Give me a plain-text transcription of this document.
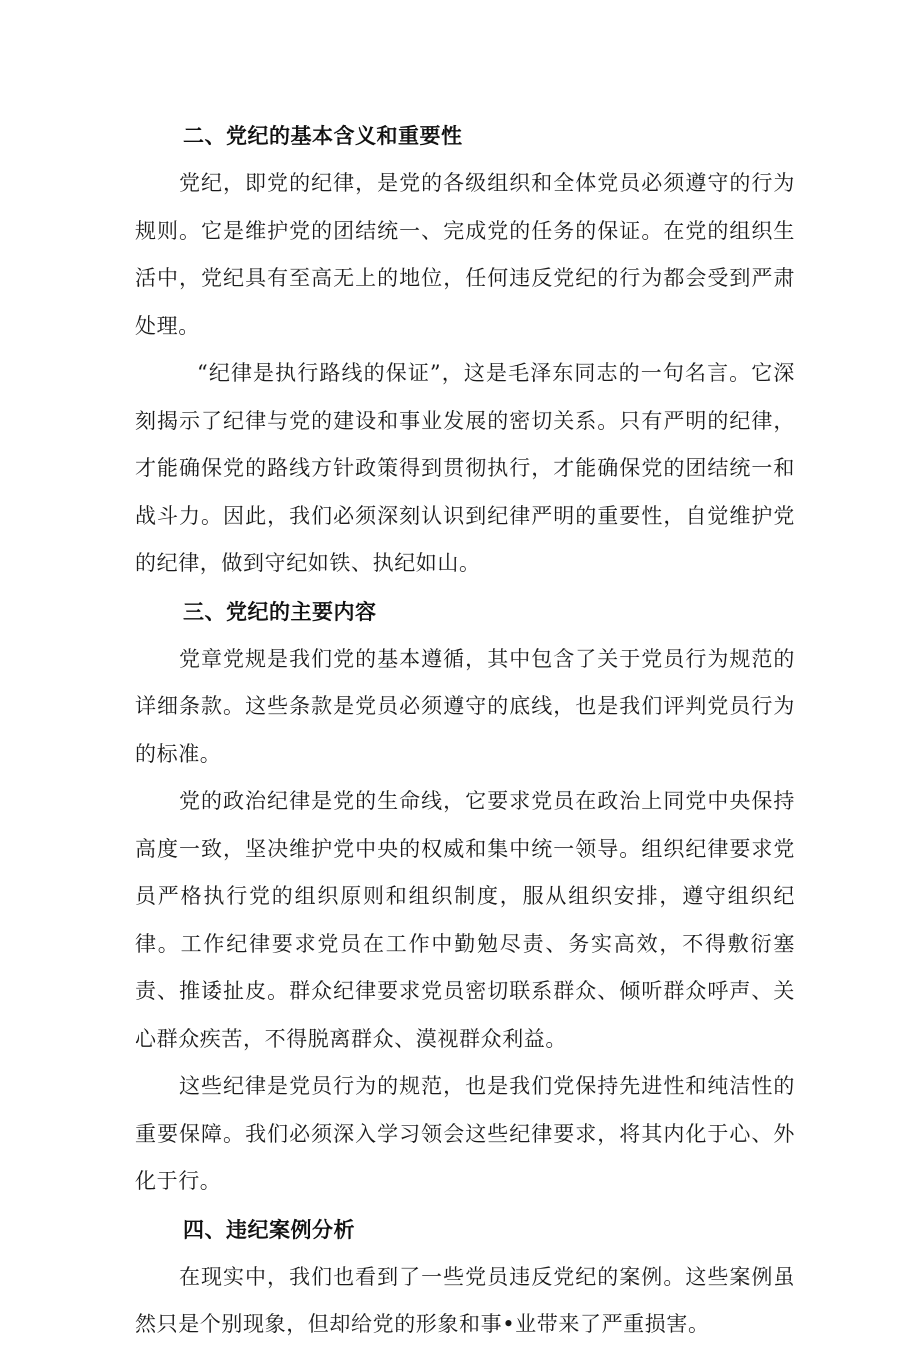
二、党纪的基本含义和重要性

党纪，即党的纪律，是党的各级组织和全体党员必须遵守的行为规则。它是维护党的团结统一、完成党的任务的保证。在党的组织生活中，党纪具有至高无上的地位，任何违反党纪的行为都会受到严肃处理。

“纪律是执行路线的保证”，这是毛泽东同志的一句名言。它深刻揭示了纪律与党的建设和事业发展的密切关系。只有严明的纪律，才能确保党的路线方针政策得到贯彻执行，才能确保党的团结统一和战斗力。因此，我们必须深刻认识到纪律严明的重要性，自觉维护党的纪律，做到守纪如铁、执纪如山。

三、党纪的主要内容

党章党规是我们党的基本遵循，其中包含了关于党员行为规范的详细条款。这些条款是党员必须遵守的底线，也是我们评判党员行为的标准。

党的政治纪律是党的生命线，它要求党员在政治上同党中央保持高度一致，坚决维护党中央的权威和集中统一领导。组织纪律要求党员严格执行党的组织原则和组织制度，服从组织安排，遵守组织纪律。工作纪律要求党员在工作中勤勉尽责、务实高效，不得敷衍塞责、推诿扯皮。群众纪律要求党员密切联系群众、倾听群众呼声、关心群众疾苦，不得脱离群众、漠视群众利益。

这些纪律是党员行为的规范，也是我们党保持先进性和纯洁性的重要保障。我们必须深入学习领会这些纪律要求，将其内化于心、外化于行。

四、违纪案例分析

在现实中，我们也看到了一些党员违反党纪的案例。这些案例虽然只是个别现象，但却给党的形象和事•业带来了严重损害。
